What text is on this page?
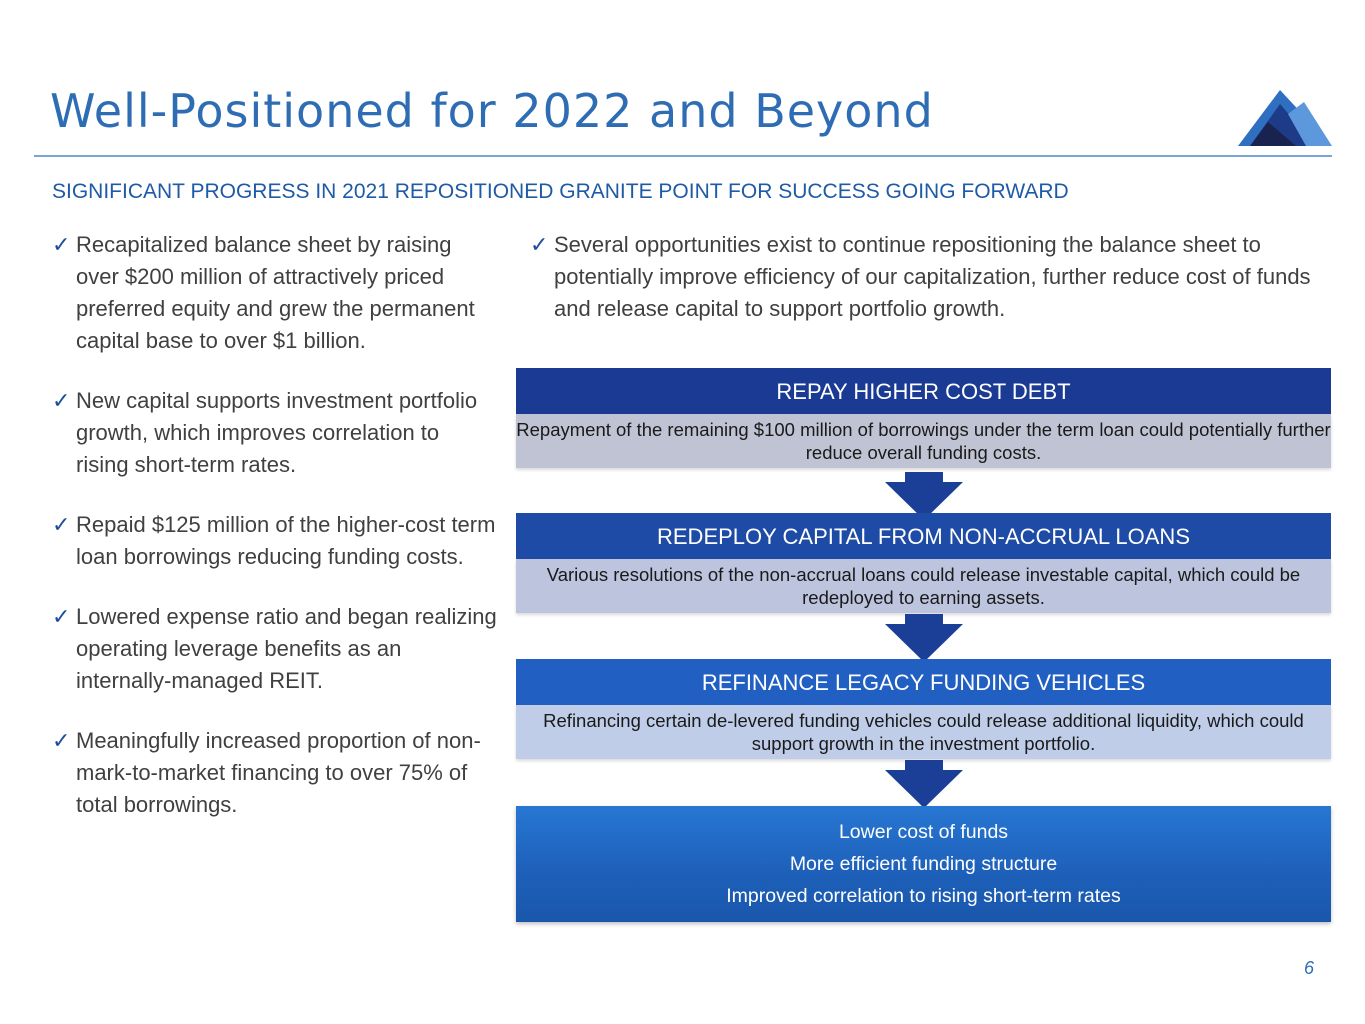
Well-Positioned for 2022 and Beyond
SIGNIFICANT PROGRESS IN 2021 REPOSITIONED GRANITE POINT FOR SUCCESS GOING FORWARD
✓ Recapitalized balance sheet by raising over $200 million of attractively priced preferred equity and grew the permanent capital base to over $1 billion.
✓ New capital supports investment portfolio growth, which improves correlation to rising short-term rates.
✓ Repaid $125 million of the higher-cost term loan borrowings reducing funding costs.
✓ Lowered expense ratio and began realizing operating leverage benefits as an internally-managed REIT.
✓ Meaningfully increased proportion of non-mark-to-market financing to over 75% of total borrowings.
✓ Several opportunities exist to continue repositioning the balance sheet to potentially improve efficiency of our capitalization, further reduce cost of funds and release capital to support portfolio growth.
REPAY HIGHER COST DEBT
Repayment of the remaining $100 million of borrowings under the term loan could potentially further reduce overall funding costs.
REDEPLOY CAPITAL FROM NON-ACCRUAL LOANS
Various resolutions of the non-accrual loans could release investable capital, which could be redeployed to earning assets.
REFINANCE LEGACY FUNDING VEHICLES
Refinancing certain de-levered funding vehicles could release additional liquidity, which could support growth in the investment portfolio.
Lower cost of funds
More efficient funding structure
Improved correlation to rising short-term rates
6
